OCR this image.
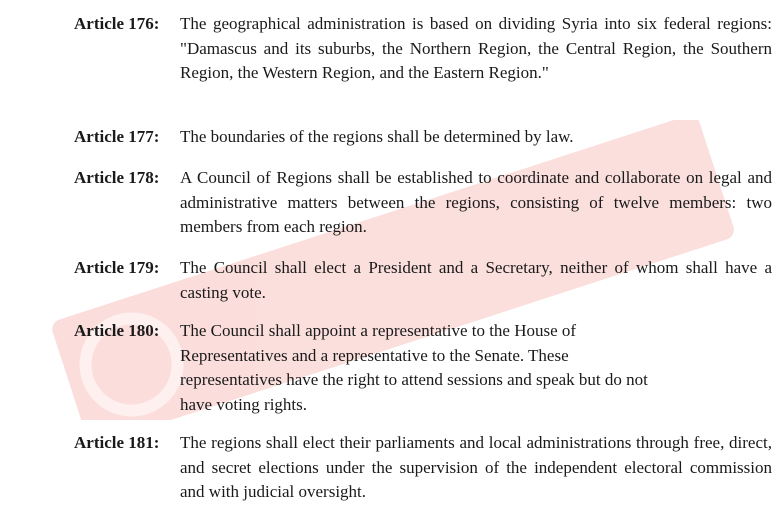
Article 176:	The geographical administration is based on dividing Syria into six federal regions: "Damascus and its suburbs, the Northern Region, the Central Region, the Southern Region, the Western Region, and the Eastern Region."
Article 177:	The boundaries of the regions shall be determined by law.
Article 178:	A Council of Regions shall be established to coordinate and collaborate on legal and administrative matters between the regions, consisting of twelve members: two members from each region.
Article 179:	The Council shall elect a President and a Secretary, neither of whom shall have a casting vote.
Article 180:	The Council shall appoint a representative to the House of Representatives and a representative to the Senate. These representatives have the right to attend sessions and speak but do not have voting rights.
Article 181:	The regions shall elect their parliaments and local administrations through free, direct, and secret elections under the supervision of the independent electoral commission and with judicial oversight.
